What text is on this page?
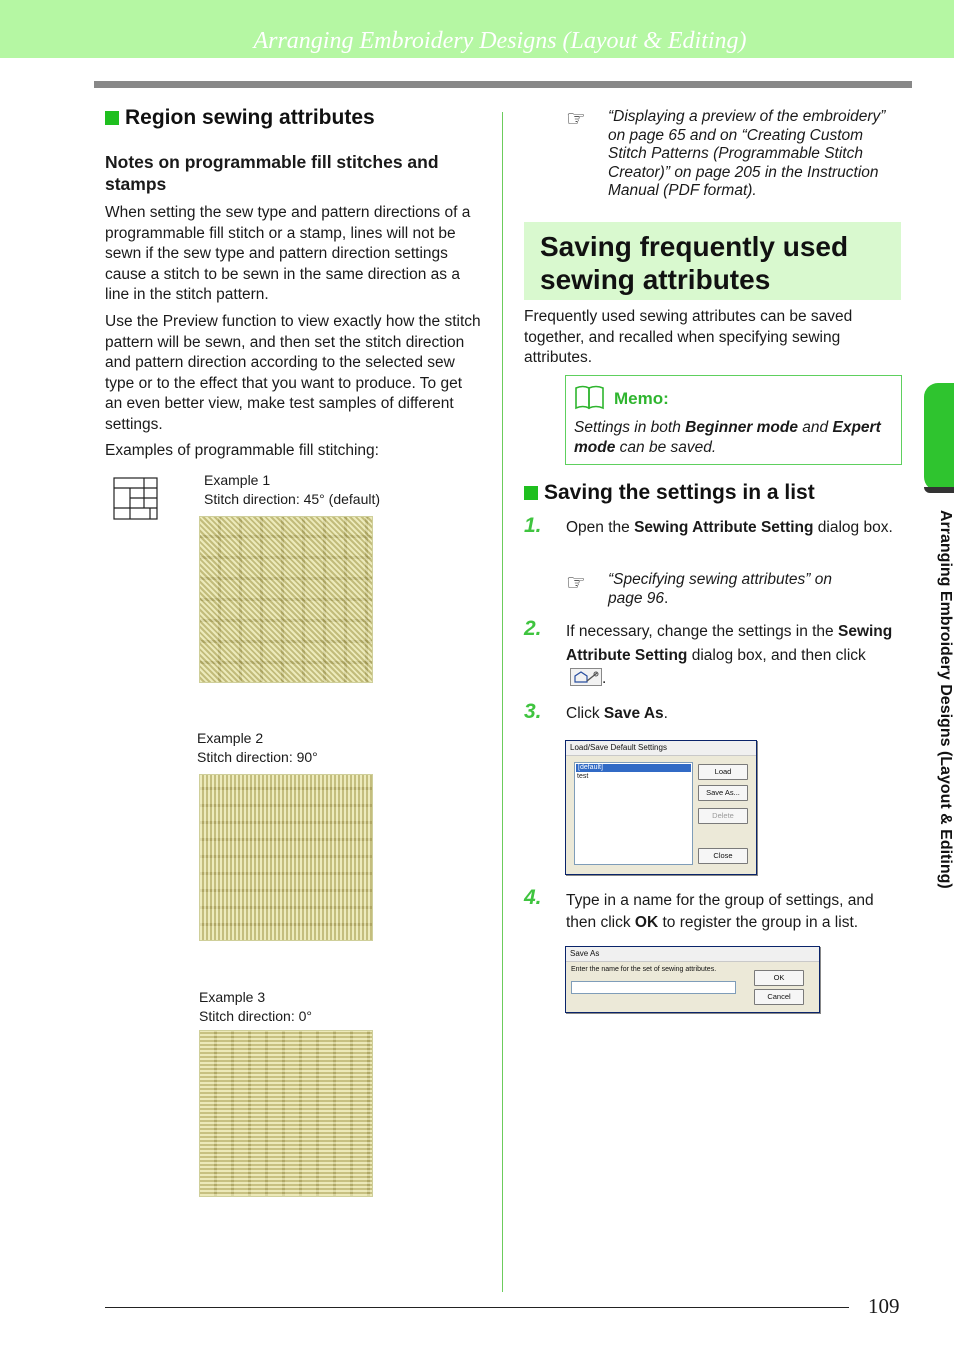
Arranging Embroidery Designs (Layout & Editing)
Region sewing attributes
Notes on programmable fill stitches and stamps
When setting the sew type and pattern directions of a programmable fill stitch or a stamp, lines will not be sewn if the sew type and pattern direction settings cause a stitch to be sewn in the same direction as a line in the stitch pattern.
Use the Preview function to view exactly how the stitch pattern will be sewn, and then set the stitch direction and pattern direction according to the selected sew type or to the effect that you want to produce. To get an even better view, make test samples of different settings.
Examples of programmable fill stitching:
Example 1
Stitch direction: 45° (default)
Example 2
Stitch direction: 90°
Example 3
Stitch direction: 0°
☞ “Displaying a preview of the embroidery” on page 65 and on “Creating Custom Stitch Patterns (Programmable Stitch Creator)” on page 205 in the Instruction Manual (PDF format).
Saving frequently used sewing attributes
Frequently used sewing attributes can be saved together, and recalled when specifying sewing attributes.
Memo:
Settings in both Beginner mode and Expert mode can be saved.
Saving the settings in a list
1. Open the Sewing Attribute Setting dialog box.
☞ “Specifying sewing attributes” on page 96.
2. If necessary, change the settings in the Sewing Attribute Setting dialog box, and then click
.
3. Click Save As.
Load/Save Default Settings
[default]
test
Load
Save As...
Delete
Close
4. Type in a name for the group of settings, and then click OK to register the group in a list.
Save As
Enter the name for the set of sewing attributes.
OK
Cancel
Arranging Embroidery Designs (Layout & Editing)
109
